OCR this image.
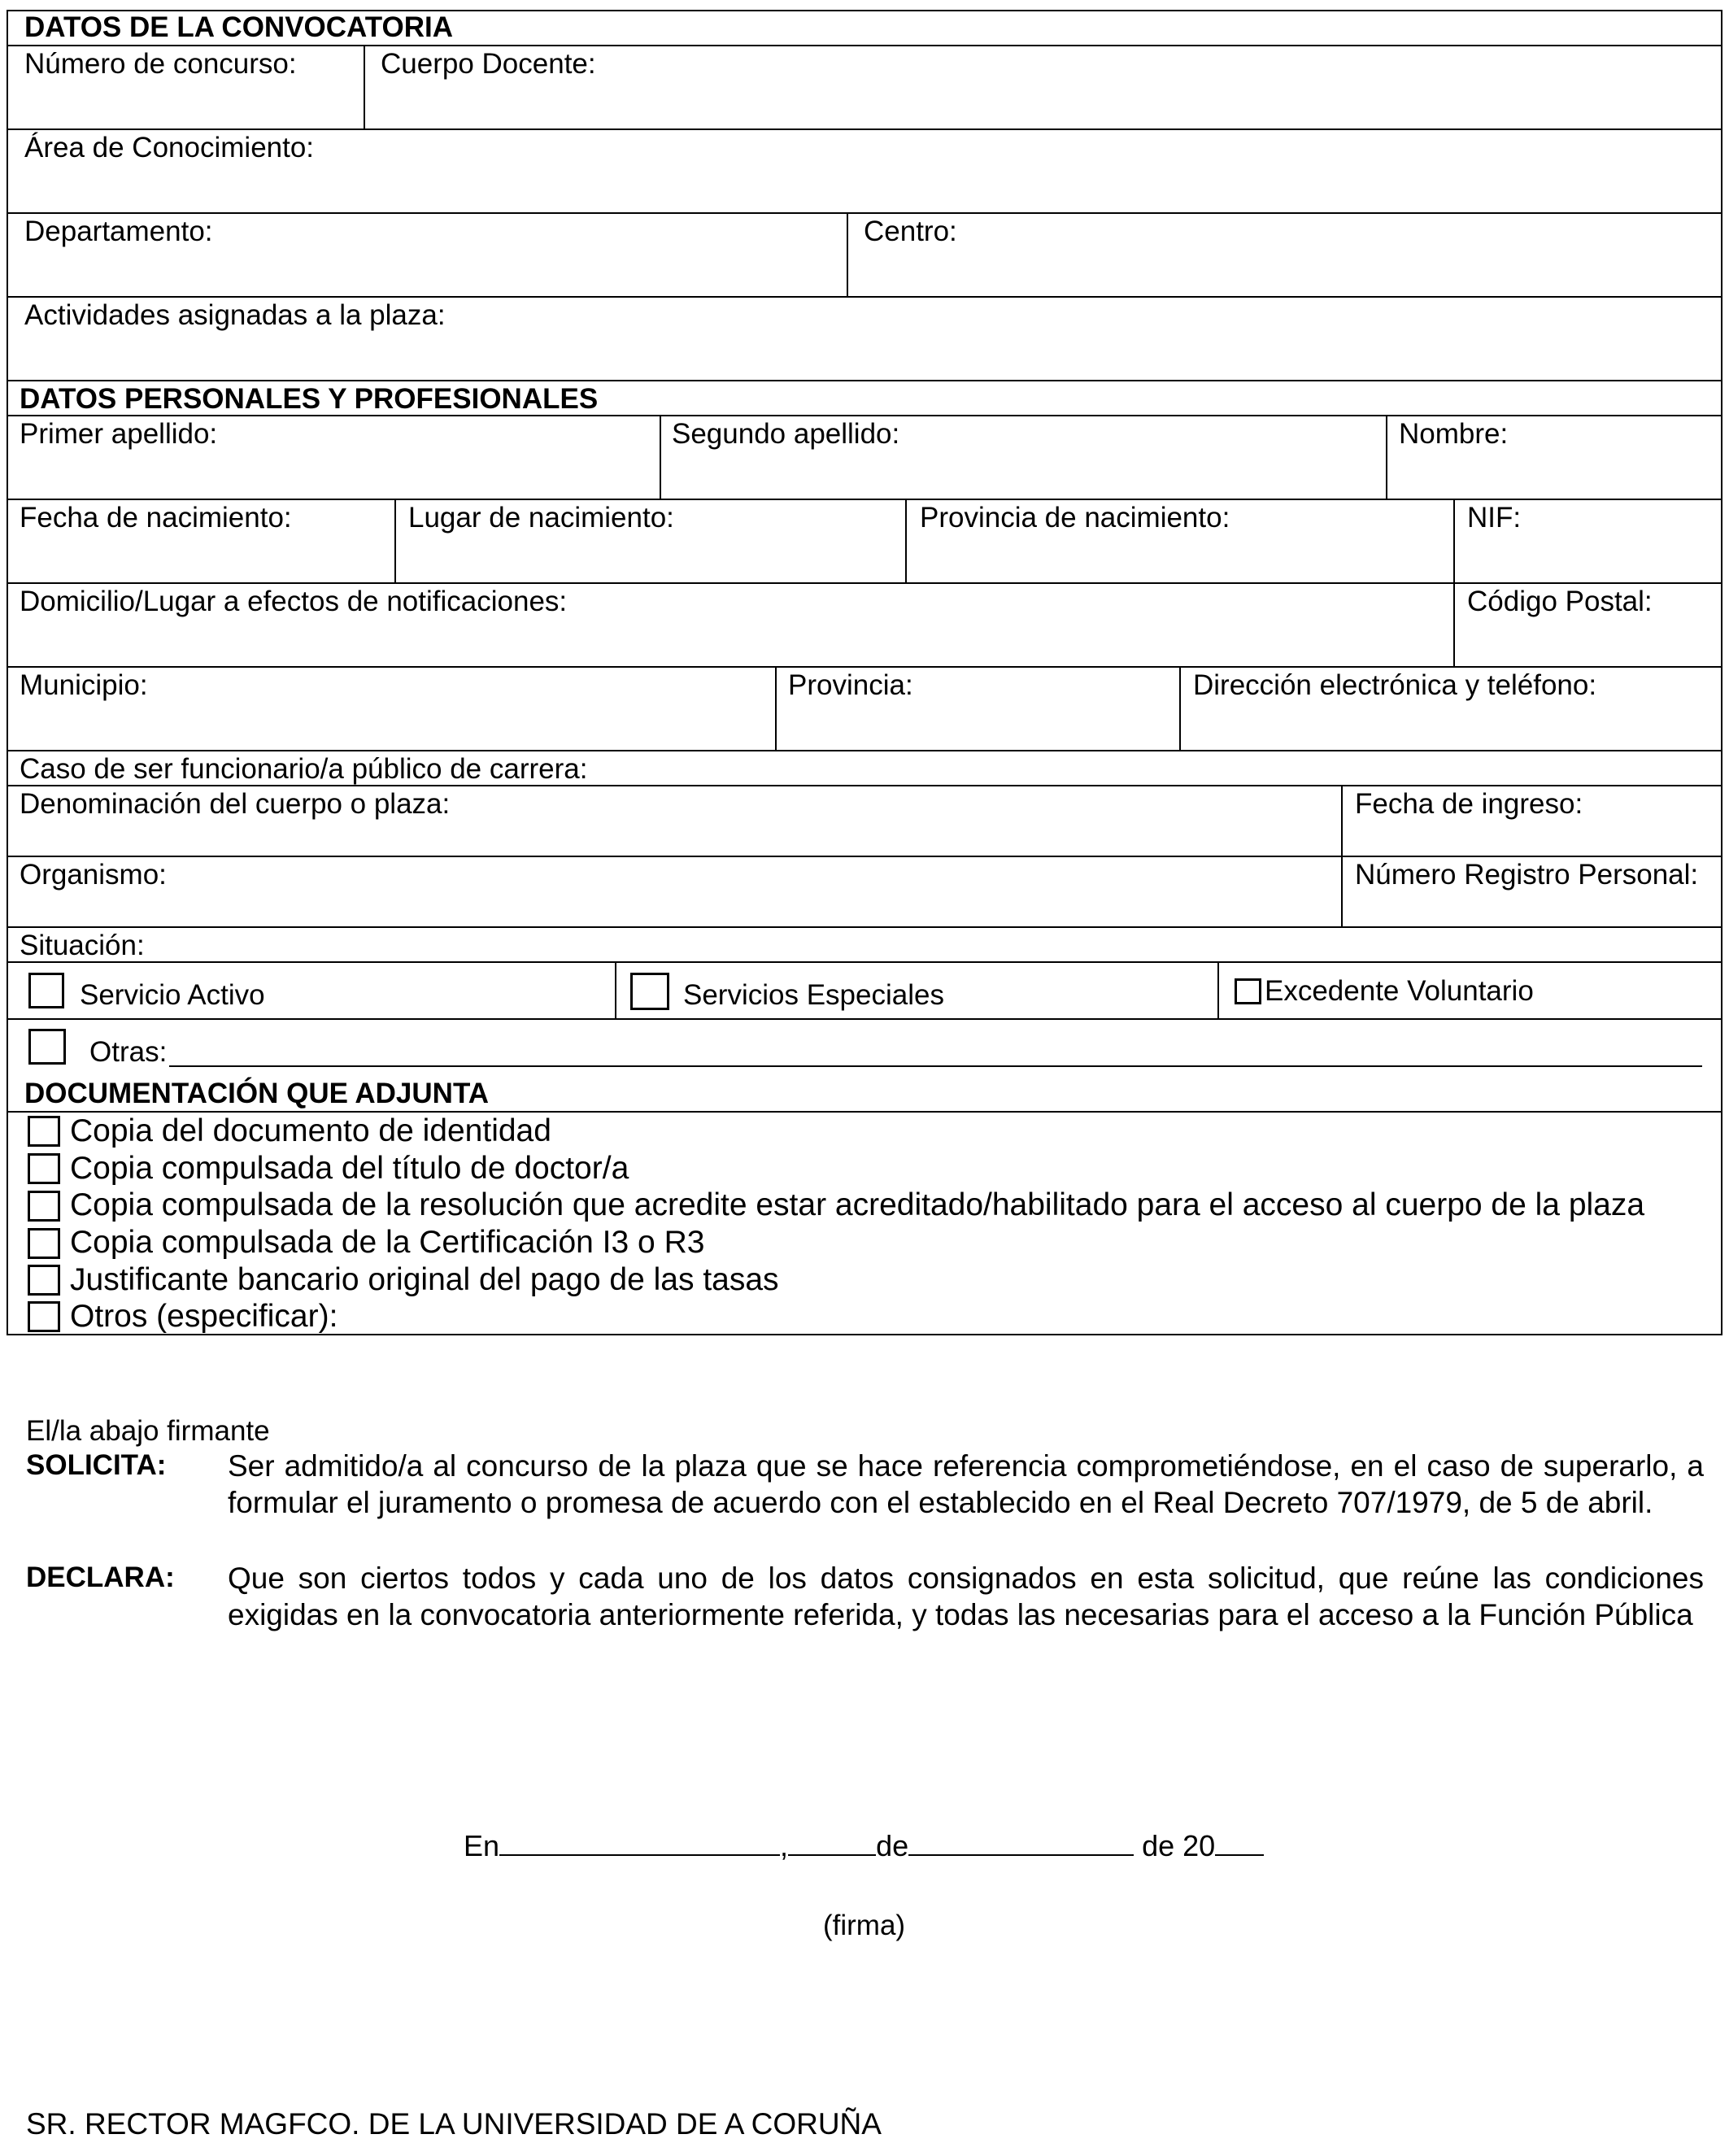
DATOS DE LA CONVOCATORIA
Número de concurso:	Cuerpo Docente:
Área de Conocimiento:
Departamento:	Centro:
Actividades asignadas a la plaza:
DATOS PERSONALES Y PROFESIONALES
Primer apellido:	Segundo apellido:	Nombre:
Fecha de nacimiento:	Lugar de nacimiento:	Provincia de nacimiento:	NIF:
Domicilio/Lugar a efectos de notificaciones:	Código Postal:
Municipio:	Provincia:	Dirección electrónica y teléfono:
Caso de ser funcionario/a público de carrera:
Denominación del cuerpo o plaza:	Fecha de ingreso:
Organismo:	Número Registro Personal:
Situación:
Servicio Activo	Servicios Especiales	Excedente Voluntario
Otras:
DOCUMENTACIÓN QUE ADJUNTA
Copia del documento de identidad
Copia compulsada del título de doctor/a
Copia compulsada de la resolución que acredite estar acreditado/habilitado para el acceso al cuerpo de la plaza
Copia compulsada de la Certificación I3 o R3
Justificante bancario original del pago de las tasas
Otros (especificar):
El/la abajo firmante
SOLICITA: Ser admitido/a al concurso de la plaza que se hace referencia comprometiéndose, en el caso de superarlo, a formular el juramento o promesa de acuerdo con el establecido en el Real Decreto 707/1979, de 5 de abril.
DECLARA: Que son ciertos todos y cada uno de los datos consignados en esta solicitud, que reúne las condiciones exigidas en la convocatoria anteriormente referida, y todas las necesarias para el acceso a la Función Pública
En	,	de	de 20
(firma)
SR. RECTOR MAGFCO. DE LA UNIVERSIDAD DE A CORUÑA
